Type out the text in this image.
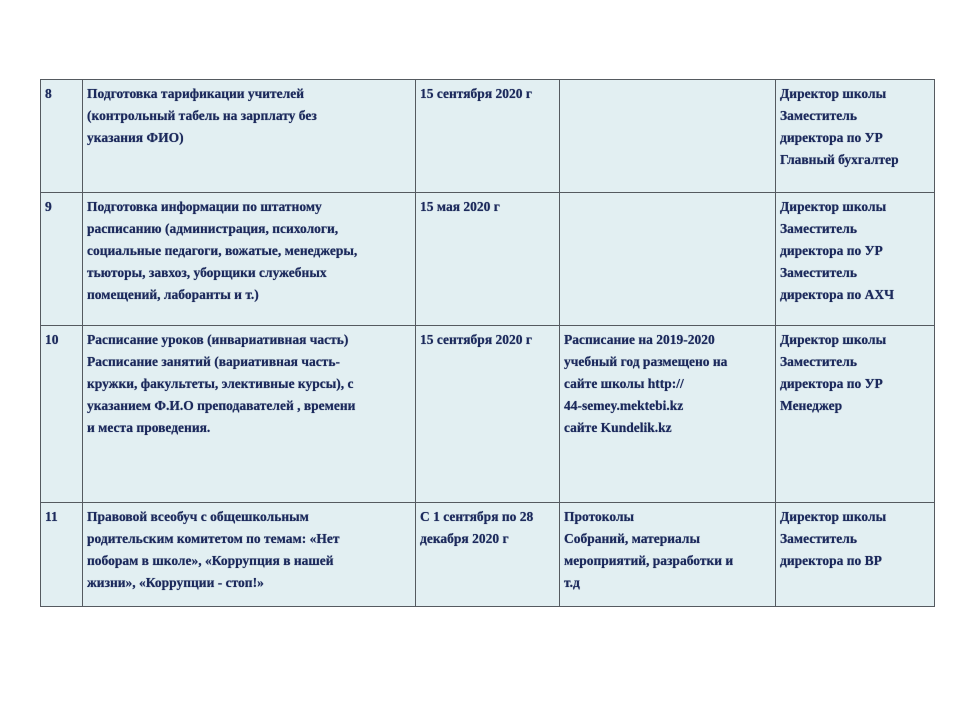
8	Подготовка тарификации учителей
(контрольный табель на зарплату без
указания ФИО)	15 сентября 2020 г		Директор школы
Заместитель
директора по УР
Главный бухгалтер

9	Подготовка информации по штатному
расписанию (администрация, психологи,
социальные педагоги, вожатые, менеджеры,
тьюторы, завхоз, уборщики служебных
помещений, лаборанты и т.)	15 мая 2020 г		Директор школы
Заместитель
директора по УР
Заместитель
директора по АХЧ

10	Расписание уроков (инвариативная часть)
Расписание занятий (вариативная часть-
кружки, факультеты, элективные курсы), с
указанием Ф.И.О преподавателей , времени
и места проведения.	15 сентября 2020 г	Расписание на 2019-2020
учебный год размещено на
сайте школы http://
44-semey.mektebi.kz
сайте Kundelik.kz	Директор школы
Заместитель
директора по УР
Менеджер

11	Правовой всеобуч с общешкольным
родительским комитетом по темам: «Нет
поборам в школе», «Коррупция в нашей
жизни», «Коррупции - стоп!»	С 1 сентября по 28
декабря 2020 г	Протоколы
Собраний, материалы
мероприятий, разработки и
т.д	Директор школы
Заместитель
директора по ВР
